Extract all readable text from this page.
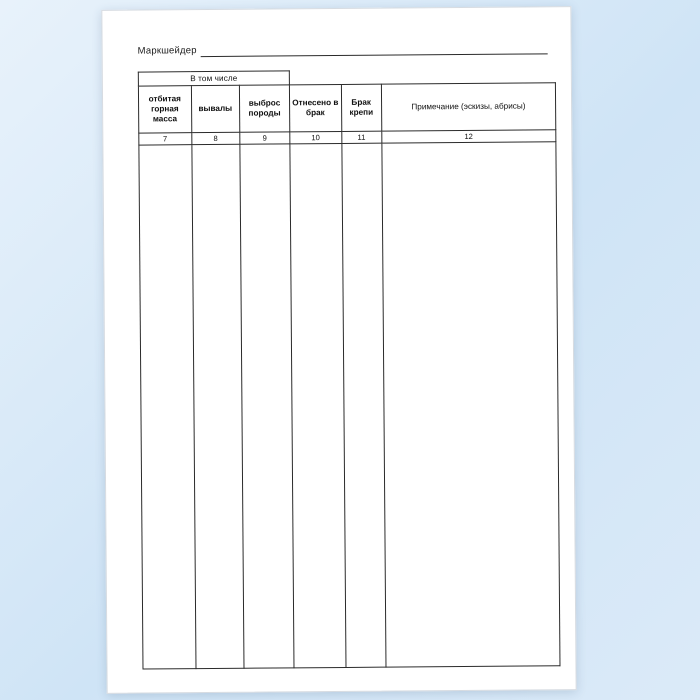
Маркшейдер
В том числе					
отбитая горная масса	вывалы	выброс породы	Отнесено в брак	Брак крепи	Примечание (эскизы, абрисы)
7	8	9	10	11	12
